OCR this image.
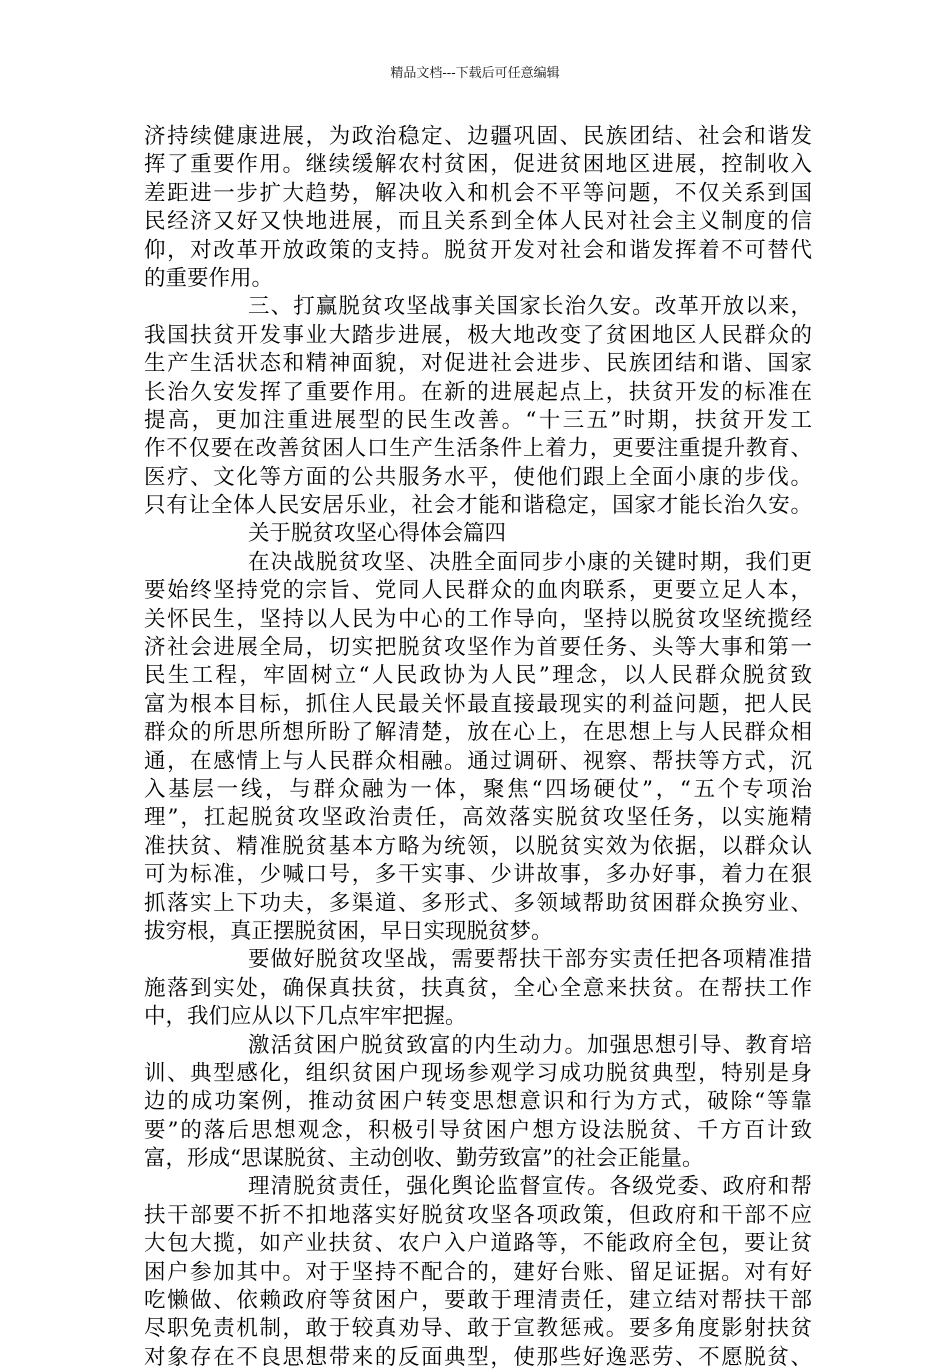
精品文档---下载后可任意编辑
济持续健康进展，为政治稳定、边疆巩固、民族团结、社会和谐发
挥了重要作用。继续缓解农村贫困，促进贫困地区进展，控制收入
差距进一步扩大趋势，解决收入和机会不平等问题，不仅关系到国
民经济又好又快地进展，而且关系到全体人民对社会主义制度的信
仰，对改革开放政策的支持。脱贫开发对社会和谐发挥着不可替代
的重要作用。
三、打赢脱贫攻坚战事关国家长治久安。改革开放以来，
我国扶贫开发事业大踏步进展，极大地改变了贫困地区人民群众的
生产生活状态和精神面貌，对促进社会进步、民族团结和谐、国家
长治久安发挥了重要作用。在新的进展起点上，扶贫开发的标准在
提高，更加注重进展型的民生改善。“十三五”时期，扶贫开发工
作不仅要在改善贫困人口生产生活条件上着力，更要注重提升教育、
医疗、文化等方面的公共服务水平，使他们跟上全面小康的步伐。
只有让全体人民安居乐业，社会才能和谐稳定，国家才能长治久安。
关于脱贫攻坚心得体会篇四
在决战脱贫攻坚、决胜全面同步小康的关键时期，我们更
要始终坚持党的宗旨、党同人民群众的血肉联系，更要立足人本，
关怀民生，坚持以人民为中心的工作导向，坚持以脱贫攻坚统揽经
济社会进展全局，切实把脱贫攻坚作为首要任务、头等大事和第一
民生工程，牢固树立“人民政协为人民”理念，以人民群众脱贫致
富为根本目标，抓住人民最关怀最直接最现实的利益问题，把人民
群众的所思所想所盼了解清楚，放在心上，在思想上与人民群众相
通，在感情上与人民群众相融。通过调研、视察、帮扶等方式，沉
入基层一线，与群众融为一体，聚焦“四场硬仗”，“五个专项治
理”，扛起脱贫攻坚政治责任，高效落实脱贫攻坚任务，以实施精
准扶贫、精准脱贫基本方略为统领，以脱贫实效为依据，以群众认
可为标准，少喊口号，多干实事、少讲故事，多办好事，着力在狠
抓落实上下功夫，多渠道、多形式、多领域帮助贫困群众换穷业、
拔穷根，真正摆脱贫困，早日实现脱贫梦。
要做好脱贫攻坚战，需要帮扶干部夯实责任把各项精准措
施落到实处，确保真扶贫，扶真贫，全心全意来扶贫。在帮扶工作
中，我们应从以下几点牢牢把握。
激活贫困户脱贫致富的内生动力。加强思想引导、教育培
训、典型感化，组织贫困户现场参观学习成功脱贫典型，特别是身
边的成功案例，推动贫困户转变思想意识和行为方式，破除“等靠
要”的落后思想观念，积极引导贫困户想方设法脱贫、千方百计致
富，形成“思谋脱贫、主动创收、勤劳致富”的社会正能量。
理清脱贫责任，强化舆论监督宣传。各级党委、政府和帮
扶干部要不折不扣地落实好脱贫攻坚各项政策，但政府和干部不应
大包大揽，如产业扶贫、农户入户道路等，不能政府全包，要让贫
困户参加其中。对于坚持不配合的，建好台账、留足证据。对有好
吃懒做、依赖政府等贫困户，要敢于理清责任，建立结对帮扶干部
尽职免责机制，敢于较真劝导、敢于宣教惩戒。要多角度影射扶贫
对象存在不良思想带来的反面典型，使那些好逸恶劳、不愿脱贫、
